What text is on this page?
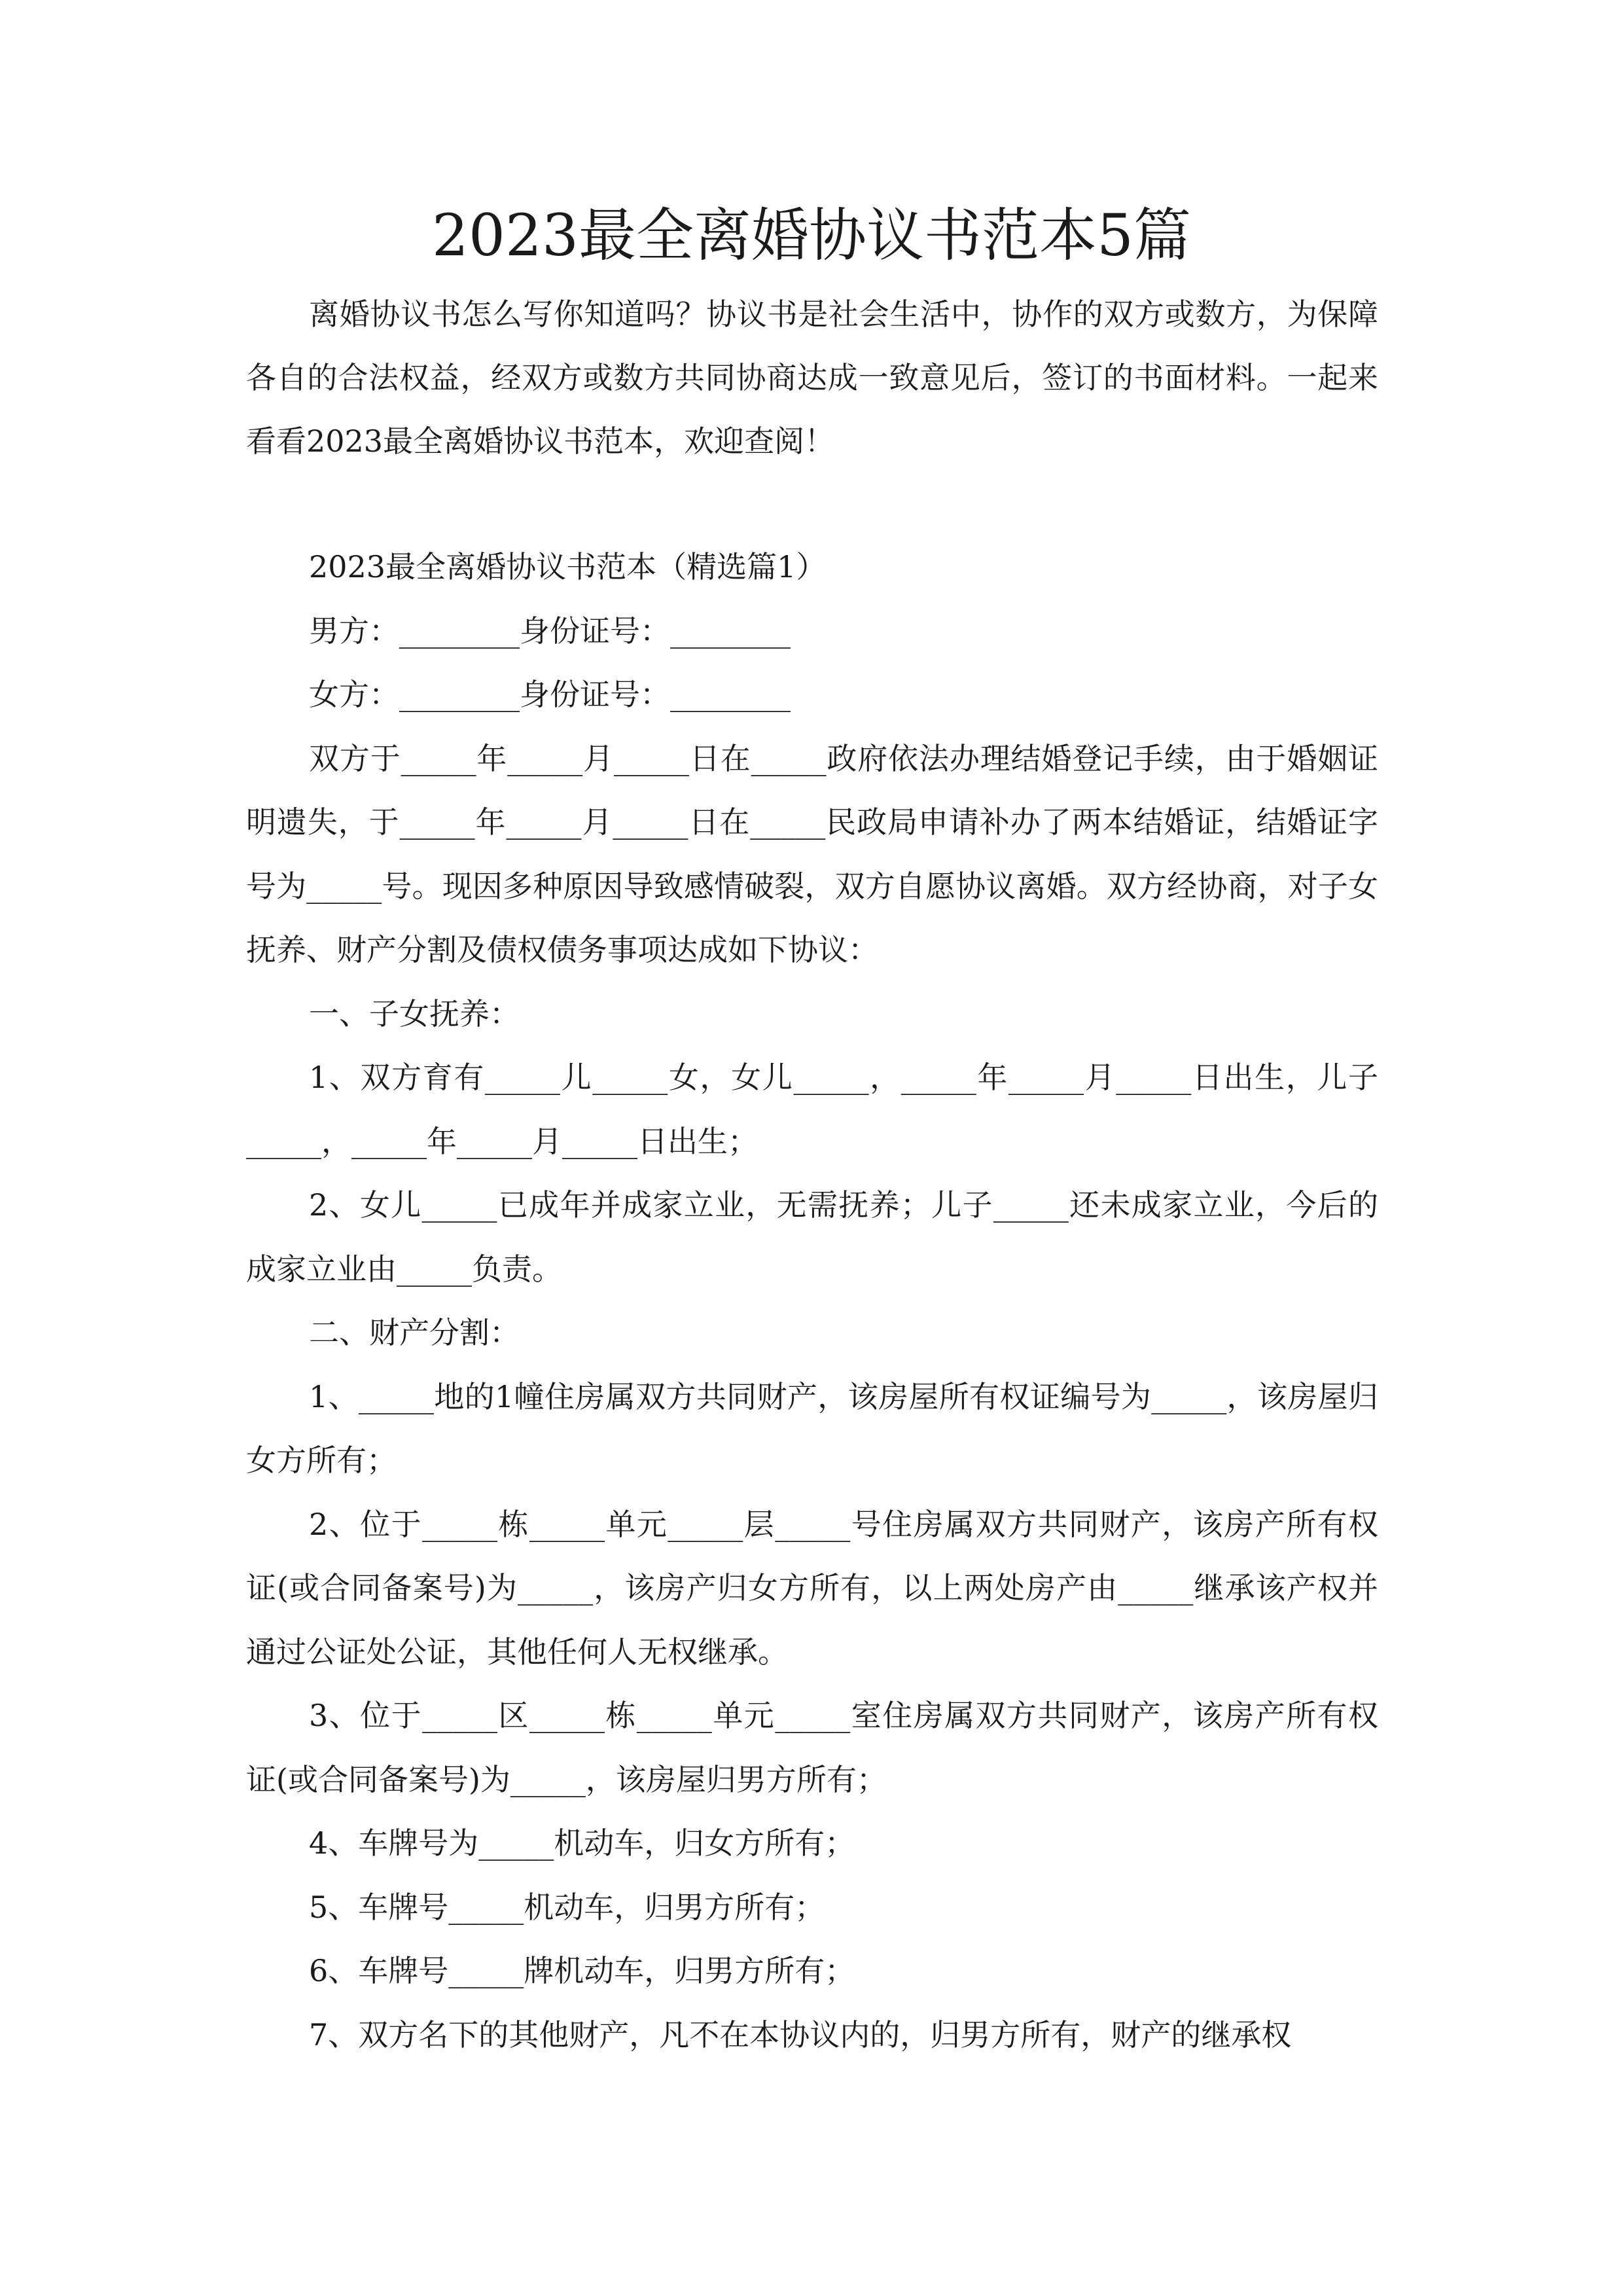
2023最全离婚协议书范本5篇

离婚协议书怎么写你知道吗？协议书是社会生活中，协作的双方或数方，为保障各自的合法权益，经双方或数方共同协商达成一致意见后，签订的书面材料。一起来看看2023最全离婚协议书范本，欢迎查阅！

2023最全离婚协议书范本（精选篇1）

男方：________身份证号：________

女方：________身份证号：________

双方于_____年_____月_____日在_____政府依法办理结婚登记手续，由于婚姻证明遗失，于_____年_____月_____日在_____民政局申请补办了两本结婚证，结婚证字号为_____号。现因多种原因导致感情破裂，双方自愿协议离婚。双方经协商，对子女抚养、财产分割及债权债务事项达成如下协议：

一、子女抚养：

1、双方育有_____儿_____女，女儿_____，_____年_____月_____日出生，儿子_____，_____年_____月_____日出生；

2、女儿_____已成年并成家立业，无需抚养；儿子_____还未成家立业，今后的成家立业由_____负责。

二、财产分割：

1、_____地的1幢住房属双方共同财产，该房屋所有权证编号为_____，该房屋归女方所有；

2、位于_____栋_____单元_____层_____号住房属双方共同财产，该房产所有权证(或合同备案号)为_____，该房产归女方所有，以上两处房产由_____继承该产权并通过公证处公证，其他任何人无权继承。

3、位于_____区_____栋_____单元_____室住房属双方共同财产，该房产所有权证(或合同备案号)为_____，该房屋归男方所有；

4、车牌号为_____机动车，归女方所有；

5、车牌号_____机动车，归男方所有；

6、车牌号_____牌机动车，归男方所有；

7、双方名下的其他财产，凡不在本协议内的，归男方所有，财产的继承权
